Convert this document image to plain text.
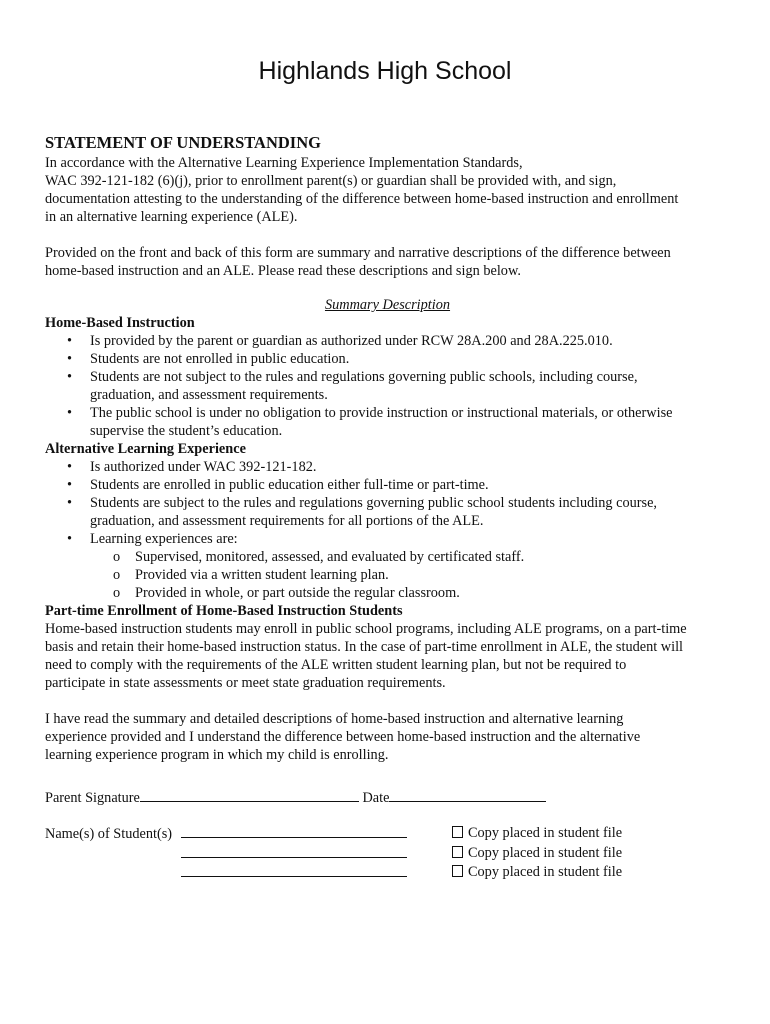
Highlands High School
STATEMENT OF UNDERSTANDING

In accordance with the Alternative Learning Experience Implementation Standards,

WAC 392-121-182 (6)(j), prior to enrollment parent(s) or guardian shall be provided with, and sign,

documentation attesting to the understanding of the difference between home-based instruction and enrollment

in an alternative learning experience (ALE).

Provided on the front and back of this form are summary and narrative descriptions of the difference between

home-based instruction and an ALE. Please read these descriptions and sign below.

Summary Description

Home-Based Instruction

• Is provided by the parent or guardian as authorized under RCW 28A.200 and 28A.225.010.
• Students are not enrolled in public education.
• Students are not subject to the rules and regulations governing public schools, including course,
graduation, and assessment requirements.
• The public school is under no obligation to provide instruction or instructional materials, or otherwise
supervise the student’s education.

Alternative Learning Experience

• Is authorized under WAC 392-121-182.
• Students are enrolled in public education either full-time or part-time.
• Students are subject to the rules and regulations governing public school students including course,
graduation, and assessment requirements for all portions of the ALE.
• Learning experiences are:
o Supervised, monitored, assessed, and evaluated by certificated staff.
o Provided via a written student learning plan.
o Provided in whole, or part outside the regular classroom.

Part-time Enrollment of Home-Based Instruction Students

Home-based instruction students may enroll in public school programs, including ALE programs, on a part-time

basis and retain their home-based instruction status. In the case of part-time enrollment in ALE, the student will

need to comply with the requirements of the ALE written student learning plan, but not be required to

participate in state assessments or meet state graduation requirements.

I have read the summary and detailed descriptions of home-based instruction and alternative learning

experience provided and I understand the difference between home-based instruction and the alternative

learning experience program in which my child is enrolling.

Parent Signature	Date
Name(s) of Student(s)	Copy placed in student file
Copy placed in student file
Copy placed in student file
